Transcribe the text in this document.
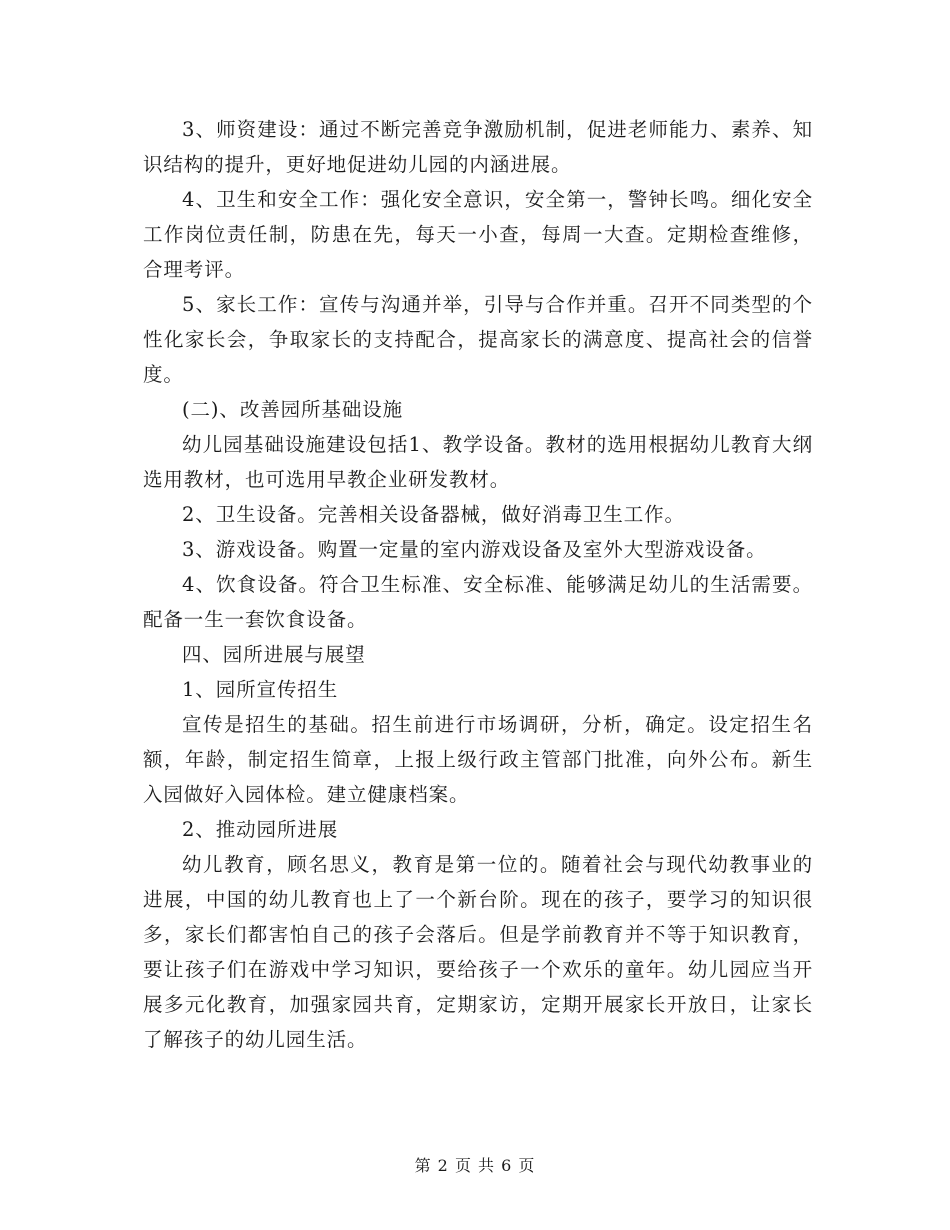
3、师资建设：通过不断完善竞争激励机制，促进老师能力、素养、知识结构的提升，更好地促进幼儿园的内涵进展。

4、卫生和安全工作：强化安全意识，安全第一，警钟长鸣。细化安全工作岗位责任制，防患在先，每天一小查，每周一大查。定期检查维修，合理考评。

5、家长工作：宣传与沟通并举，引导与合作并重。召开不同类型的个性化家长会，争取家长的支持配合，提高家长的满意度、提高社会的信誉度。

(二)、改善园所基础设施

幼儿园基础设施建设包括1、教学设备。教材的选用根据幼儿教育大纲选用教材，也可选用早教企业研发教材。

2、卫生设备。完善相关设备器械，做好消毒卫生工作。

3、游戏设备。购置一定量的室内游戏设备及室外大型游戏设备。

4、饮食设备。符合卫生标准、安全标准、能够满足幼儿的生活需要。配备一生一套饮食设备。

四、园所进展与展望

1、园所宣传招生

宣传是招生的基础。招生前进行市场调研，分析，确定。设定招生名额，年龄，制定招生简章，上报上级行政主管部门批准，向外公布。新生入园做好入园体检。建立健康档案。

2、推动园所进展

幼儿教育，顾名思义，教育是第一位的。随着社会与现代幼教事业的进展，中国的幼儿教育也上了一个新台阶。现在的孩子，要学习的知识很多，家长们都害怕自己的孩子会落后。但是学前教育并不等于知识教育，要让孩子们在游戏中学习知识，要给孩子一个欢乐的童年。幼儿园应当开展多元化教育，加强家园共育，定期家访，定期开展家长开放日，让家长了解孩子的幼儿园生活。

第 2 页 共 6 页
